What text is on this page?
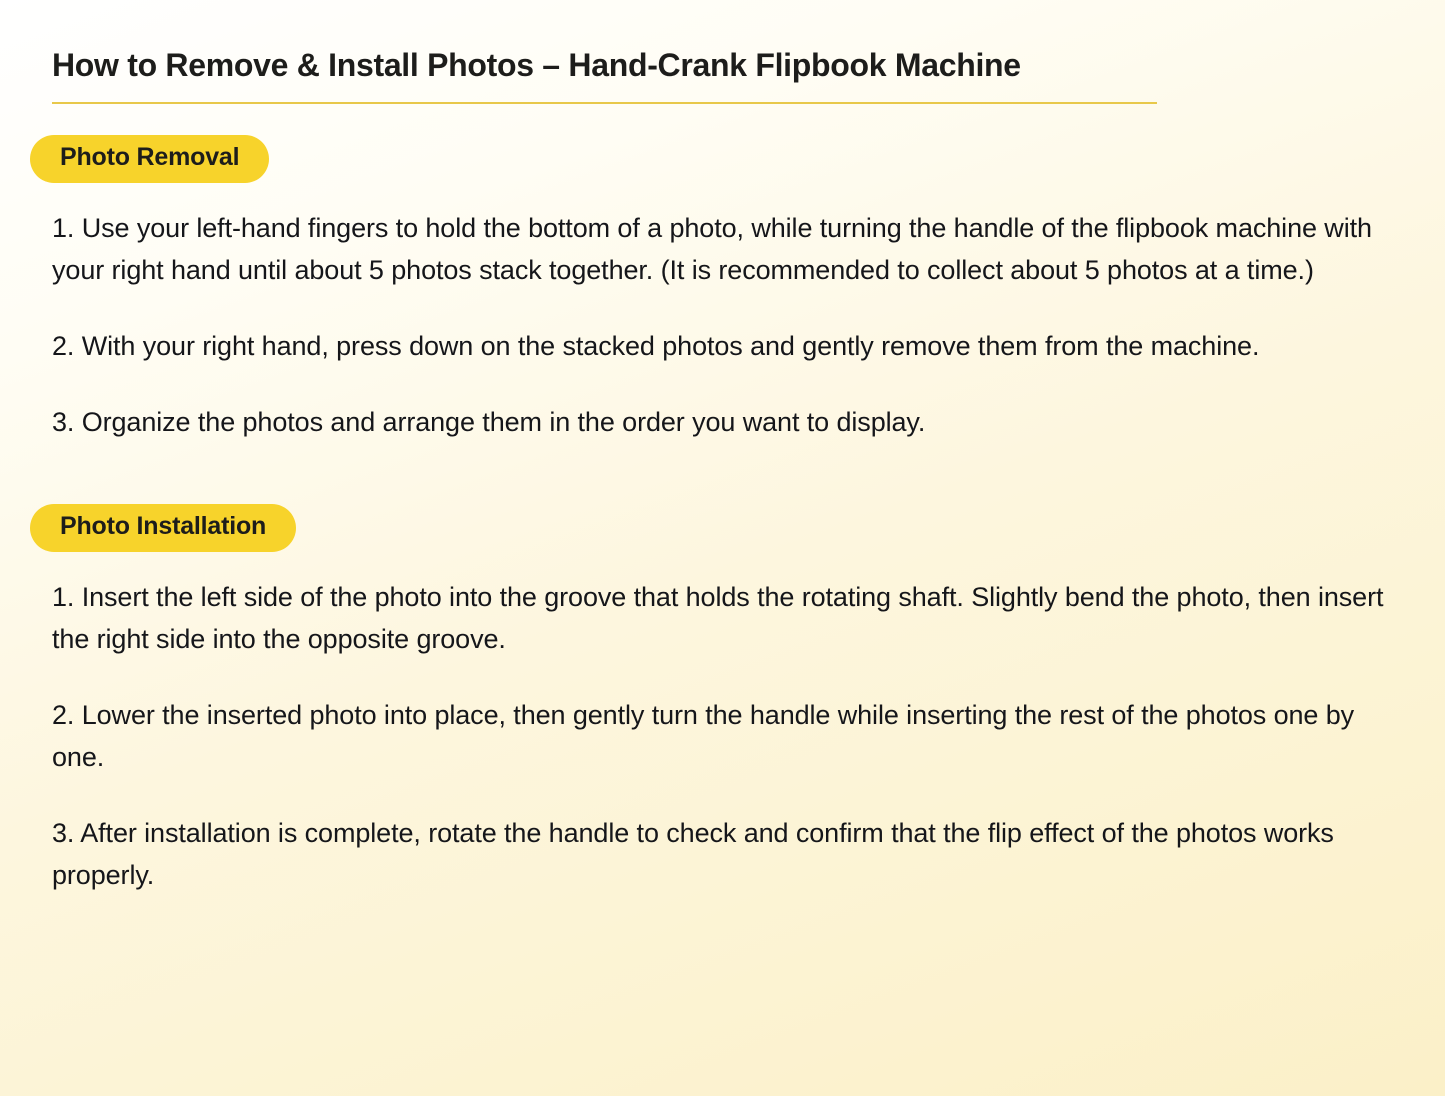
How to Remove & Install Photos – Hand-Crank Flipbook Machine
Photo Removal

1. Use your left-hand fingers to hold the bottom of a photo, while turning the handle of the flipbook machine with your right hand until about 5 photos stack together. (It is recommended to collect about 5 photos at a time.)

2. With your right hand, press down on the stacked photos and gently remove them from the machine.

3. Organize the photos and arrange them in the order you want to display.

Photo Installation

1. Insert the left side of the photo into the groove that holds the rotating shaft. Slightly bend the photo, then insert the right side into the opposite groove.

2. Lower the inserted photo into place, then gently turn the handle while inserting the rest of the photos one by one.

3. After installation is complete, rotate the handle to check and confirm that the flip effect of the photos works properly.
